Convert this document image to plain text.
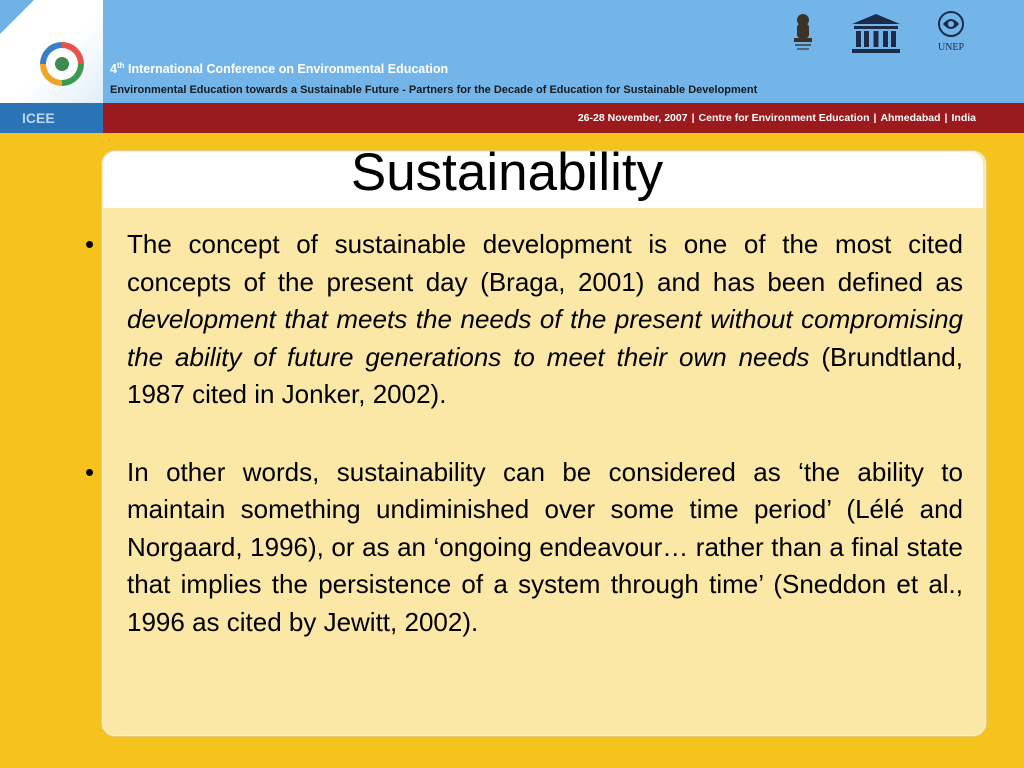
4th International Conference on Environmental Education
Environmental Education towards a Sustainable Future - Partners for the Decade of Education for Sustainable Development
UNEP
ICEE	26-28 November, 2007 | Centre for Environment Education | Ahmedabad | India
Sustainability
• The concept of sustainable development is one of the most cited concepts of the present day (Braga, 2001) and has been defined as development that meets the needs of the present without compromising the ability of future generations to meet their own needs (Brundtland, 1987 cited in Jonker, 2002).
• In other words, sustainability can be considered as ‘the ability to maintain something undiminished over some time period’ (Lélé and Norgaard, 1996), or as an ‘ongoing endeavour… rather than a final state that implies the persistence of a system through time’ (Sneddon et al., 1996 as cited by Jewitt, 2002).
